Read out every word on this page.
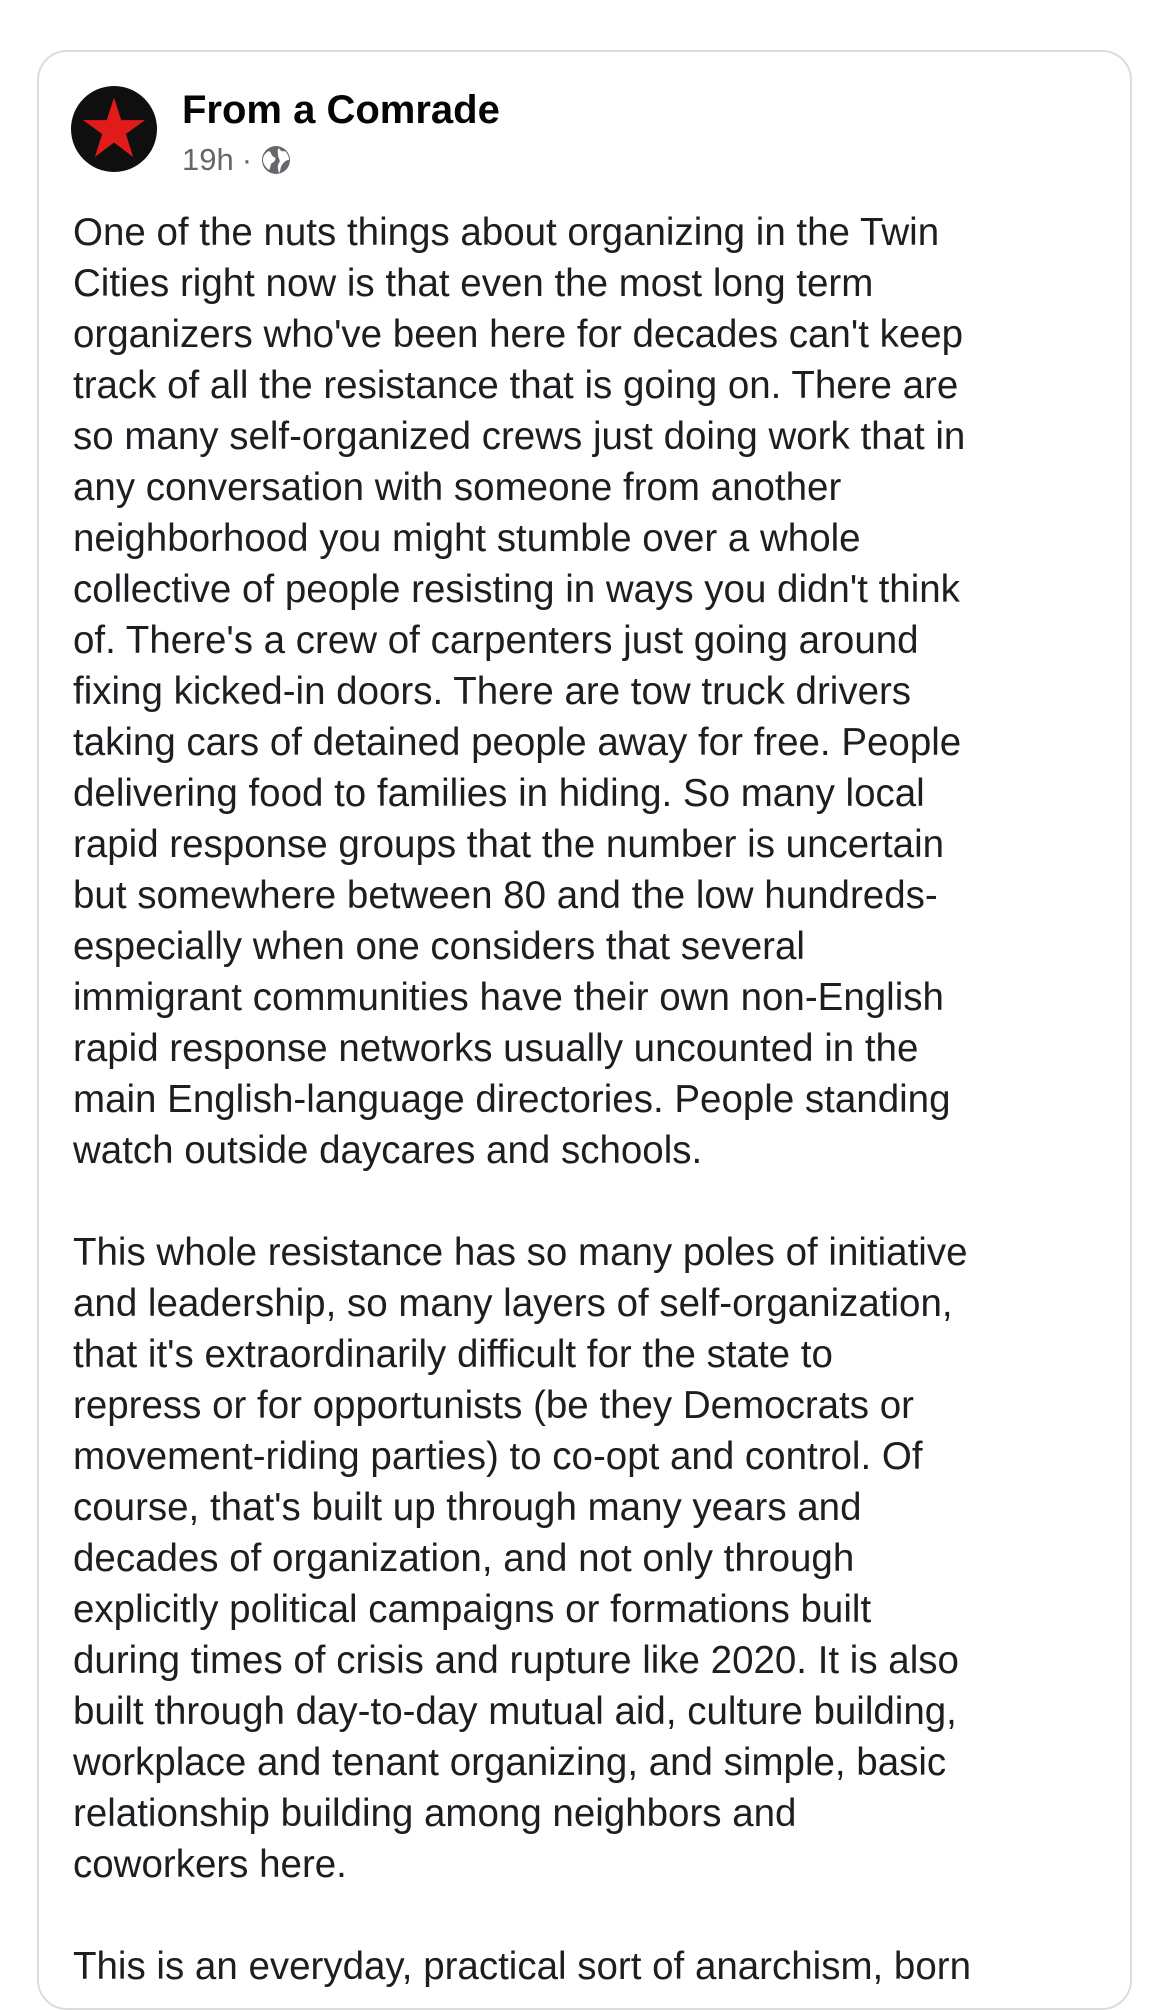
From a Comrade
19h ·

One of the nuts things about organizing in the Twin
Cities right now is that even the most long term
organizers who've been here for decades can't keep
track of all the resistance that is going on. There are
so many self-organized crews just doing work that in
any conversation with someone from another
neighborhood you might stumble over a whole
collective of people resisting in ways you didn't think
of. There's a crew of carpenters just going around
fixing kicked-in doors. There are tow truck drivers
taking cars of detained people away for free. People
delivering food to families in hiding. So many local
rapid response groups that the number is uncertain
but somewhere between 80 and the low hundreds-
especially when one considers that several
immigrant communities have their own non-English
rapid response networks usually uncounted in the
main English-language directories. People standing
watch outside daycares and schools.

This whole resistance has so many poles of initiative
and leadership, so many layers of self-organization,
that it's extraordinarily difficult for the state to
repress or for opportunists (be they Democrats or
movement-riding parties) to co-opt and control. Of
course, that's built up through many years and
decades of organization, and not only through
explicitly political campaigns or formations built
during times of crisis and rupture like 2020. It is also
built through day-to-day mutual aid, culture building,
workplace and tenant organizing, and simple, basic
relationship building among neighbors and
coworkers here.

This is an everyday, practical sort of anarchism, born
